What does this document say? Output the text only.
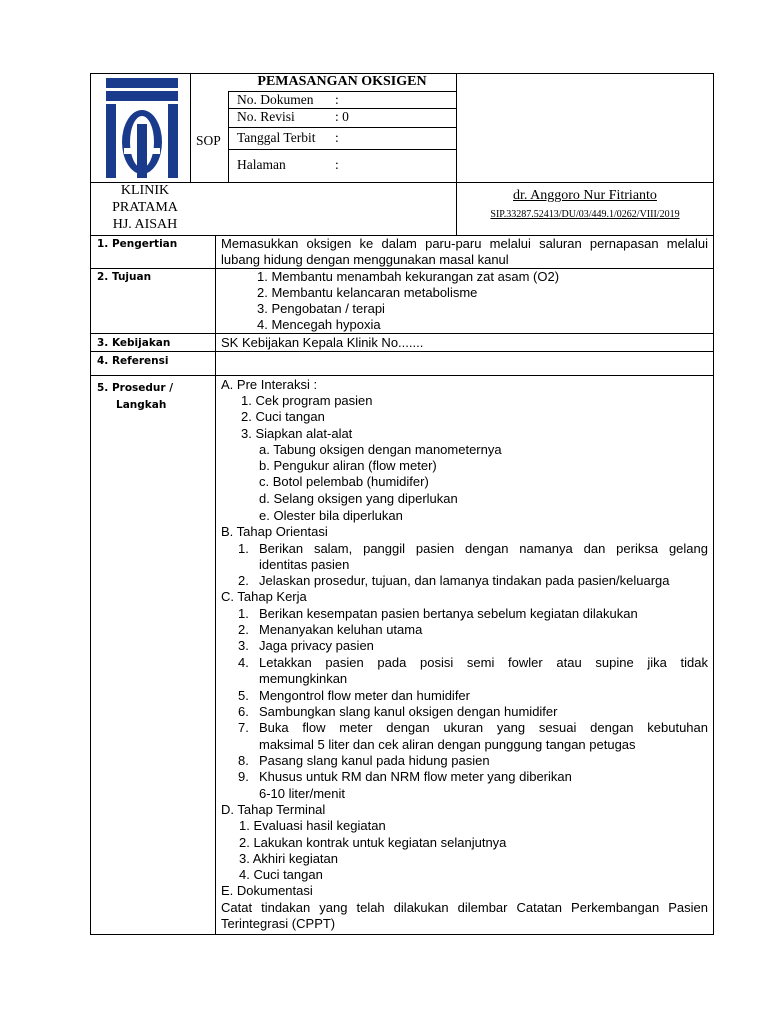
PEMASANGAN OKSIGEN
SOP
No. Dokumen :
No. Revisi	: 0
Tanggal Terbit :
Halaman	:
KLINIK
PRATAMA
HJ. AISAH
dr. Anggoro Nur Fitrianto
SIP.33287.52413/DU/03/449.1/0262/VIII/2019
1. Pengertian
2. Tujuan
3. Kebijakan
4. Referensi
5. Prosedur /
Langkah
Memasukkan oksigen ke dalam paru-paru melalui saluran pernapasan melalui
lubang hidung dengan menggunakan masal kanul
1. Membantu menambah kekurangan zat asam (O2)
2. Membantu kelancaran metabolisme
3. Pengobatan / terapi
4. Mencegah hypoxia
SK Kebijakan Kepala Klinik No.......
A. Pre Interaksi :
1. Cek program pasien
2. Cuci tangan
3. Siapkan alat-alat
a. Tabung oksigen dengan manometernya
b. Pengukur aliran (flow meter)
c. Botol pelembab (humidifer)
d. Selang oksigen yang diperlukan
e. Olester bila diperlukan
B. Tahap Orientasi
1. Berikan salam, panggil pasien dengan namanya dan periksa gelang
identitas pasien
2. Jelaskan prosedur, tujuan, dan lamanya tindakan pada pasien/keluarga
C. Tahap Kerja
1. Berikan kesempatan pasien bertanya sebelum kegiatan dilakukan
2. Menanyakan keluhan utama
3. Jaga privacy pasien
4. Letakkan pasien pada posisi semi fowler atau supine jika tidak
memungkinkan
5. Mengontrol flow meter dan humidifer
6. Sambungkan slang kanul oksigen dengan humidifer
7. Buka flow meter dengan ukuran yang sesuai dengan kebutuhan
maksimal 5 liter dan cek aliran dengan punggung tangan petugas
8. Pasang slang kanul pada hidung pasien
9. Khusus untuk RM dan NRM flow meter yang diberikan
6-10 liter/menit
D. Tahap Terminal
1. Evaluasi hasil kegiatan
2. Lakukan kontrak untuk kegiatan selanjutnya
3. Akhiri kegiatan
4. Cuci tangan
E. Dokumentasi
Catat tindakan yang telah dilakukan dilembar Catatan Perkembangan Pasien
Terintegrasi (CPPT)
